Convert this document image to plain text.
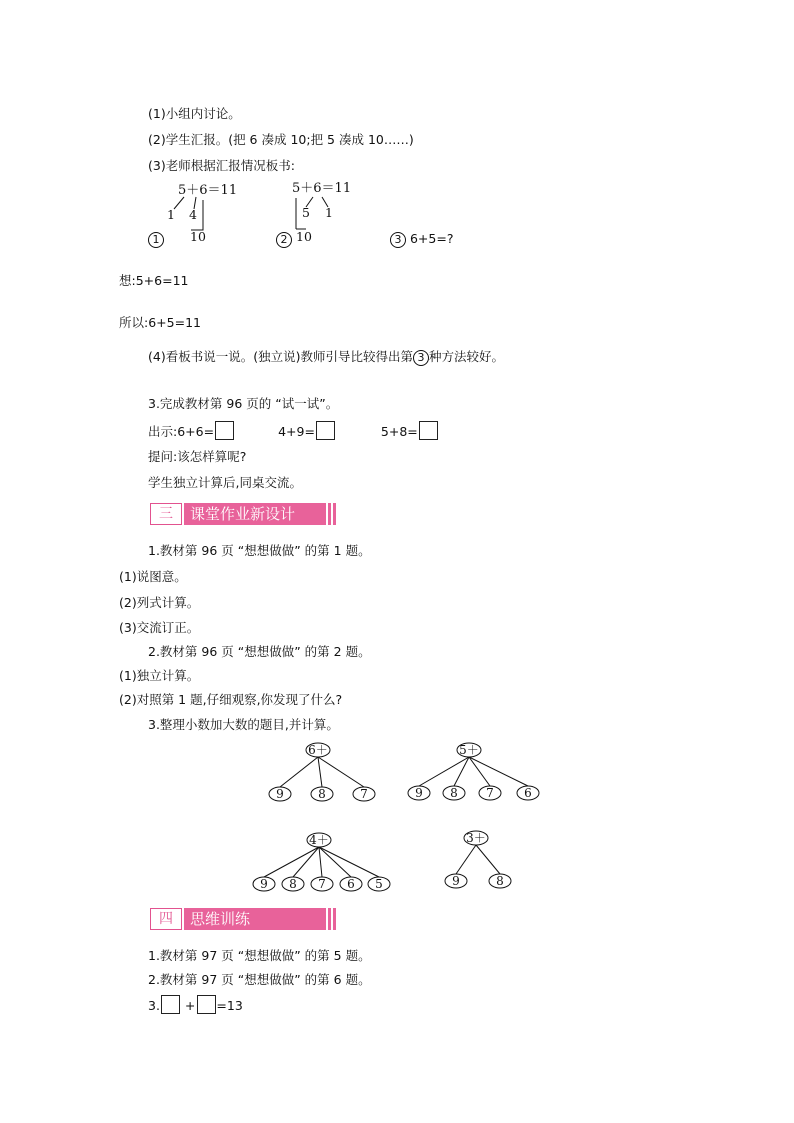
(1)小组内讨论。
(2)学生汇报。(把 6 凑成 10;把 5 凑成 10……)
(3)老师根据汇报情况板书:
5＋6＝11
1 4
10
5＋6＝11
5 1
10
1	2	3 6+5=?
想:5+6=11
所以:6+5=11
(4)看板书说一说。(独立说)教师引导比较得出第 3 种方法较好。
3.完成教材第 96 页的 “试一试”。
出示:6+6=	4+9=	5+8=
提问:该怎样算呢?
学生独立计算后,同桌交流。
三	课堂作业新设计
1.教材第 96 页 “想想做做” 的第 1 题。
(1)说图意。
(2)列式计算。
(3)交流订正。
2.教材第 96 页 “想想做做” 的第 2 题。
(1)独立计算。
(2)对照第 1 题,仔细观察,你发现了什么?
3.整理小数加大数的题目,并计算。
9	8	7
6＋
9 8 7	6
5＋
9 8 7 6 5
4＋
9	8
3＋
四	思维训练
1.教材第 97 页 “想想做做” 的第 5 题。
2.教材第 97 页 “想想做做” 的第 6 题。
3. + =13
